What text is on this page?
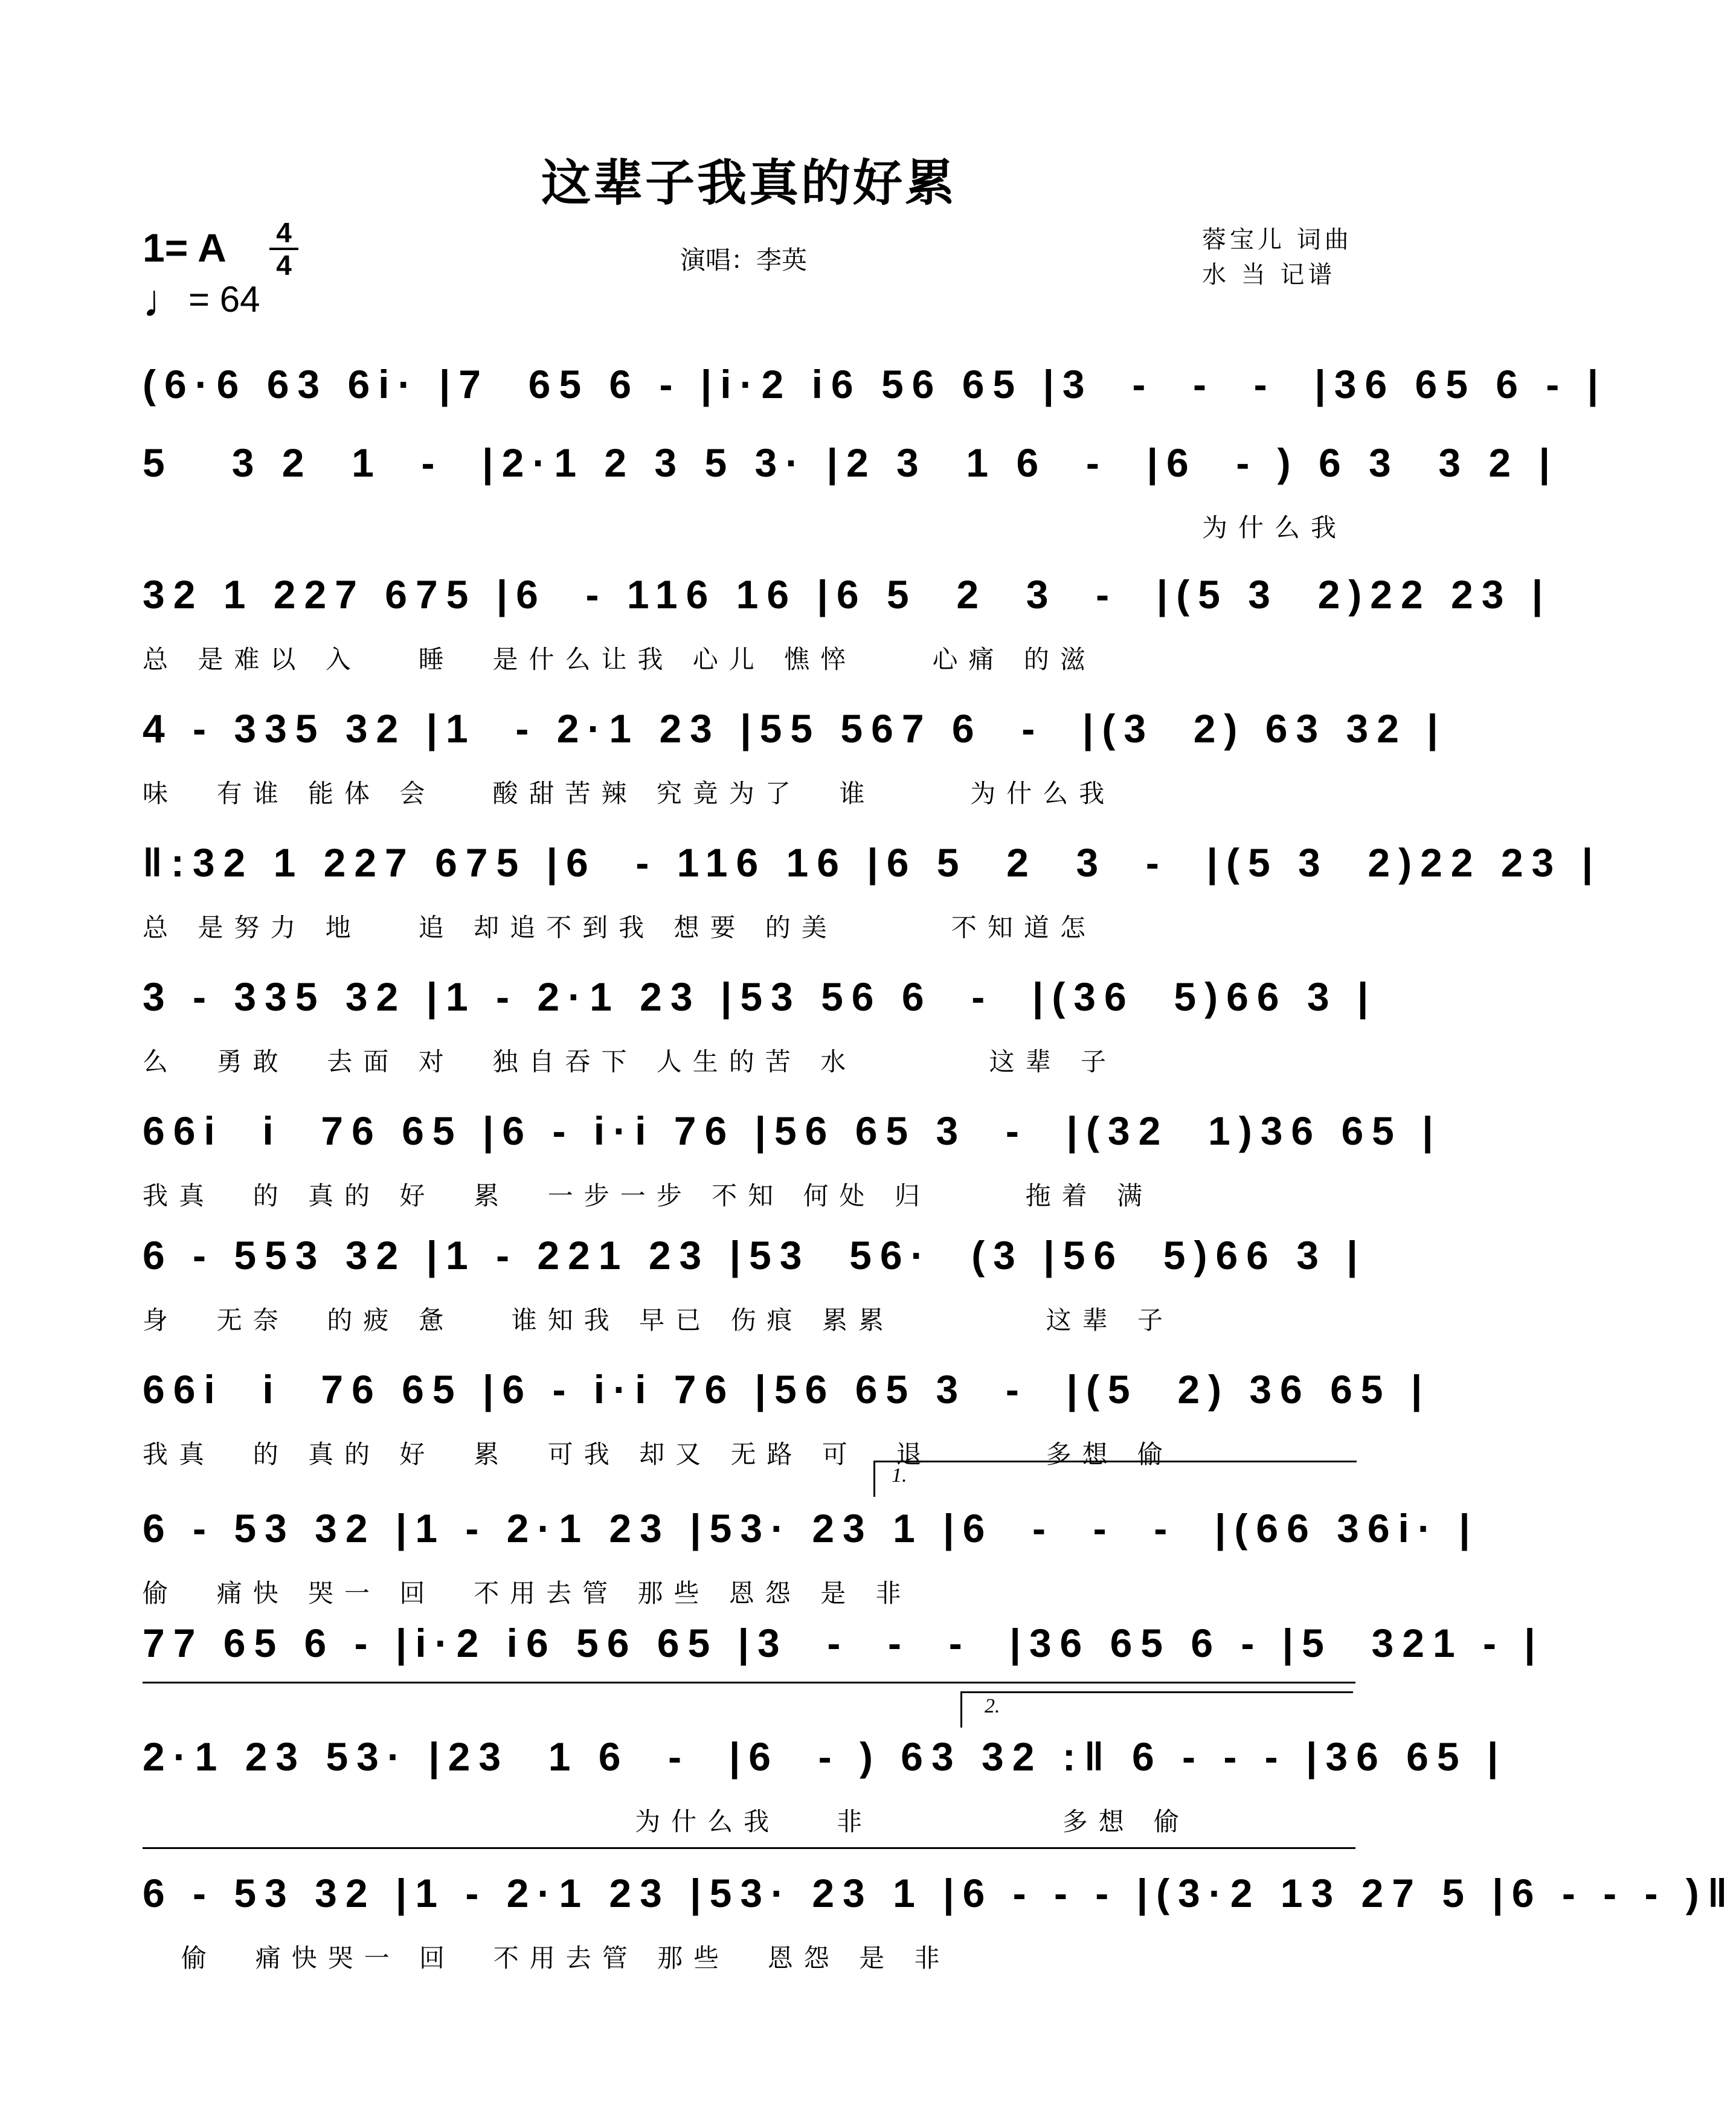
这辈子我真的好累
1= A 4
4
♩= 64
演唱：李英
蓉宝儿 词曲
水 当 记谱
(6·6 63 6i· |7  65 6 - |i·2 i6 56 65 |3  -  -  -  |36 65 6 - |
5   3 2  1  -  |2·1 2 3 5 3· |2 3  1 6  -  |6  - ) 6 3  3 2 |
为什么我
32 1 227 675 |6  - 116 16 |6 5  2  3  -  |(5 3  2)22 23 |
总 是难以 入   睡  是什么让我 心儿 憔悴    心痛 的滋
4 - 335 32 |1  - 2·1 23 |55 567 6  -  |(3  2) 63 32 |
味  有谁 能体 会   酸甜苦辣 究竟为了  谁     为什么我
‖:32 1 227 675 |6  - 116 16 |6 5  2  3  -  |(5 3  2)22 23 |
总 是努力 地   追 却追不到我 想要 的美      不知道怎
3 - 335 32 |1 - 2·1 23 |53 56 6  -  |(36  5)66 3 |
么  勇敢  去面 对  独自吞下 人生的苦 水       这辈 子
66i  i  76 65 |6 - i·i 76 |56 65 3  -  |(32  1)36 65 |
我真  的 真的 好  累  一步一步 不知 何处 归     拖着 满
6 - 553 32 |1 - 221 23 |53  56·  (3 |56  5)66 3 |
身  无奈  的疲 惫   谁知我 早已 伤痕 累累        这辈 子
66i  i  76 65 |6 - i·i 76 |56 65 3  -  |(5  2) 36 65 |
我真  的 真的 好  累  可我 却又 无路 可  退      多想 偷
1.
6 - 53 32 |1 - 2·1 23 |53· 23 1 |6  -  -  -  |(66 36i· |
偷  痛快 哭一 回  不用去管 那些 恩怨 是 非
77 65 6 - |i·2 i6 56 65 |3  -  -  -  |36 65 6 - |5  321 - |
2.
2·1 23 53· |23  1 6  -  |6  - ) 63 32 :‖ 6 - - - |36 65 |
为什么我   非          多想 偷
6 - 53 32 |1 - 2·1 23 |53· 23 1 |6 - - - |(3·2 13 27 5 |6 - - - )‖
偷  痛快哭一 回  不用去管 那些  恩怨 是 非
